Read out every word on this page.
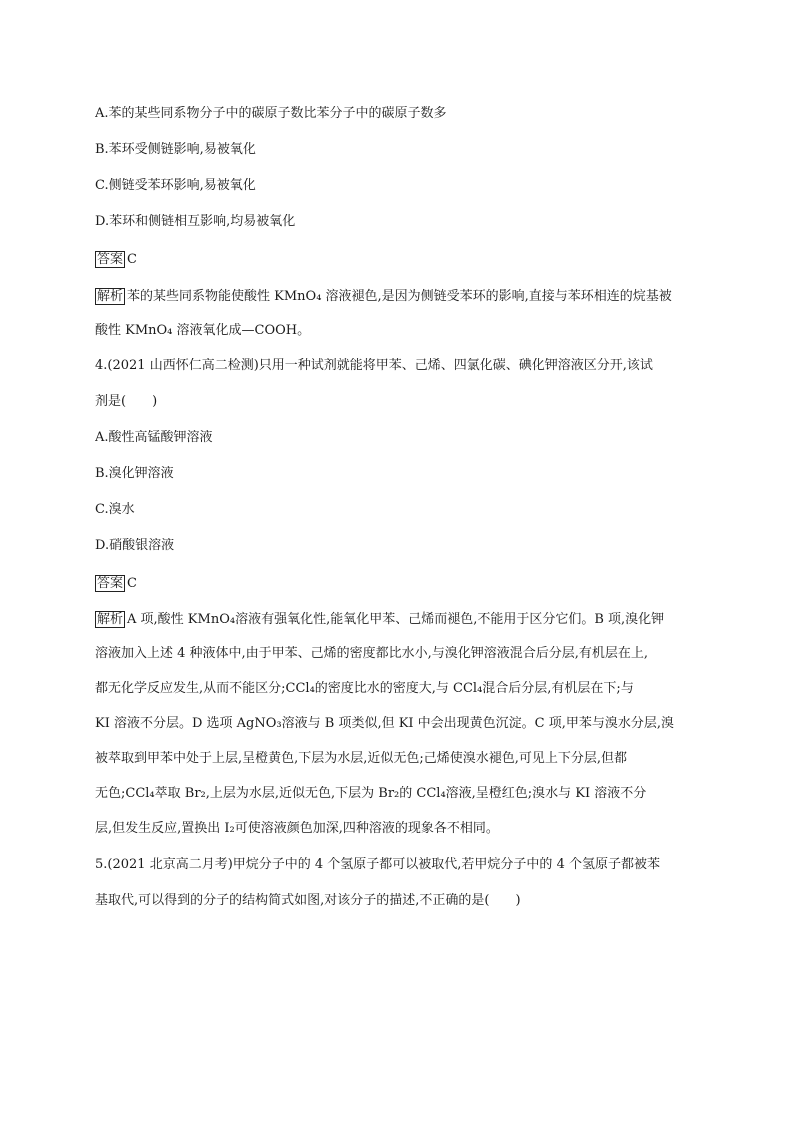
A.苯的某些同系物分子中的碳原子数比苯分子中的碳原子数多
B.苯环受侧链影响,易被氧化
C.侧链受苯环影响,易被氧化
D.苯环和侧链相互影响,均易被氧化
答案 C
解析 苯的某些同系物能使酸性 KMnO₄ 溶液褪色,是因为侧链受苯环的影响,直接与苯环相连的烷基被
酸性 KMnO₄ 溶液氧化成—COOH。
4.(2021 山西怀仁高二检测)只用一种试剂就能将甲苯、己烯、四氯化碳、碘化钾溶液区分开,该试
剂是(　　)
A.酸性高锰酸钾溶液
B.溴化钾溶液
C.溴水
D.硝酸银溶液
答案 C
解析 A 项,酸性 KMnO₄溶液有强氧化性,能氧化甲苯、己烯而褪色,不能用于区分它们。B 项,溴化钾
溶液加入上述 4 种液体中,由于甲苯、己烯的密度都比水小,与溴化钾溶液混合后分层,有机层在上,
都无化学反应发生,从而不能区分;CCl₄的密度比水的密度大,与 CCl₄混合后分层,有机层在下;与
KI 溶液不分层。D 选项 AgNO₃溶液与 B 项类似,但 KI 中会出现黄色沉淀。C 项,甲苯与溴水分层,溴
被萃取到甲苯中处于上层,呈橙黄色,下层为水层,近似无色;己烯使溴水褪色,可见上下分层,但都
无色;CCl₄萃取 Br₂,上层为水层,近似无色,下层为 Br₂的 CCl₄溶液,呈橙红色;溴水与 KI 溶液不分
层,但发生反应,置换出 I₂可使溶液颜色加深,四种溶液的现象各不相同。
5.(2021 北京高二月考)甲烷分子中的 4 个氢原子都可以被取代,若甲烷分子中的 4 个氢原子都被苯
基取代,可以得到的分子的结构简式如图,对该分子的描述,不正确的是(　　)
